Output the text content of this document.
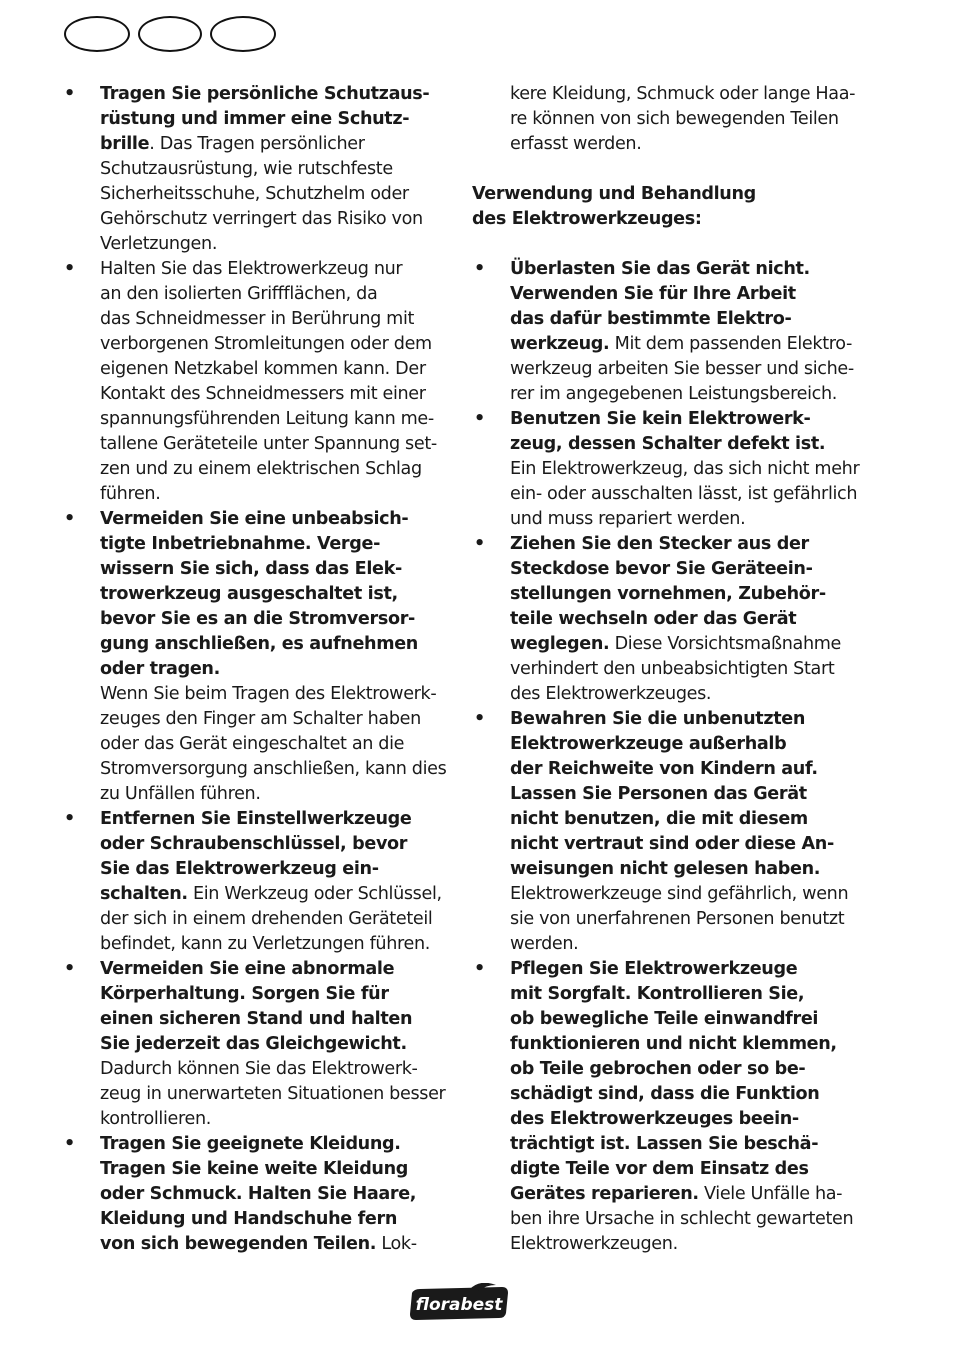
• Tragen Sie persönliche Schutzaus-
rüstung und immer eine Schutz-
brille. Das Tragen persönlicher
Schutzausrüstung, wie rutschfeste
Sicherheitsschuhe, Schutzhelm oder
Gehörschutz verringert das Risiko von
Verletzungen.
• Halten Sie das Elektrowerkzeug nur
an den isolierten Griffflächen, da
das Schneidmesser in Berührung mit
verborgenen Stromleitungen oder dem
eigenen Netzkabel kommen kann. Der
Kontakt des Schneidmessers mit einer
spannungsführenden Leitung kann me-
tallene Geräteteile unter Spannung set-
zen und zu einem elektrischen Schlag
führen.
• Vermeiden Sie eine unbeabsich-
tigte Inbetriebnahme. Verge-
wissern Sie sich, dass das Elek-
trowerkzeug ausgeschaltet ist,
bevor Sie es an die Stromversor-
gung anschließen, es aufnehmen
oder tragen.
Wenn Sie beim Tragen des Elektrowerk-
zeuges den Finger am Schalter haben
oder das Gerät eingeschaltet an die
Stromversorgung anschließen, kann dies
zu Unfällen führen.
• Entfernen Sie Einstellwerkzeuge
oder Schraubenschlüssel, bevor
Sie das Elektrowerkzeug ein-
schalten. Ein Werkzeug oder Schlüssel,
der sich in einem drehenden Geräteteil
befindet, kann zu Verletzungen führen.
• Vermeiden Sie eine abnormale
Körperhaltung. Sorgen Sie für
einen sicheren Stand und halten
Sie jederzeit das Gleichgewicht.
Dadurch können Sie das Elektrowerk-
zeug in unerwarteten Situationen besser
kontrollieren.
• Tragen Sie geeignete Kleidung.
Tragen Sie keine weite Kleidung
oder Schmuck. Halten Sie Haare,
Kleidung und Handschuhe fern
von sich bewegenden Teilen. Lok-
kere Kleidung, Schmuck oder lange Haa-
re können von sich bewegenden Teilen
erfasst werden.
Verwendung und Behandlung
des Elektrowerkzeuges:
• Überlasten Sie das Gerät nicht.
Verwenden Sie für Ihre Arbeit
das dafür bestimmte Elektro-
werkzeug. Mit dem passenden Elektro-
werkzeug arbeiten Sie besser und siche-
rer im angegebenen Leistungsbereich.
• Benutzen Sie kein Elektrowerk-
zeug, dessen Schalter defekt ist.
Ein Elektrowerkzeug, das sich nicht mehr
ein- oder ausschalten lässt, ist gefährlich
und muss repariert werden.
• Ziehen Sie den Stecker aus der
Steckdose bevor Sie Geräteein-
stellungen vornehmen, Zubehör-
teile wechseln oder das Gerät
weglegen. Diese Vorsichtsmaßnahme
verhindert den unbeabsichtigten Start
des Elektrowerkzeuges.
• Bewahren Sie die unbenutzten
Elektrowerkzeuge außerhalb
der Reichweite von Kindern auf.
Lassen Sie Personen das Gerät
nicht benutzen, die mit diesem
nicht vertraut sind oder diese An-
weisungen nicht gelesen haben.
Elektrowerkzeuge sind gefährlich, wenn
sie von unerfahrenen Personen benutzt
werden.
• Pflegen Sie Elektrowerkzeuge
mit Sorgfalt. Kontrollieren Sie,
ob bewegliche Teile einwandfrei
funktionieren und nicht klemmen,
ob Teile gebrochen oder so be-
schädigt sind, dass die Funktion
des Elektrowerkzeuges beein-
trächtigt ist. Lassen Sie beschä-
digte Teile vor dem Einsatz des
Gerätes reparieren. Viele Unfälle ha-
ben ihre Ursache in schlecht gewarteten
Elektrowerkzeugen.
florabest
